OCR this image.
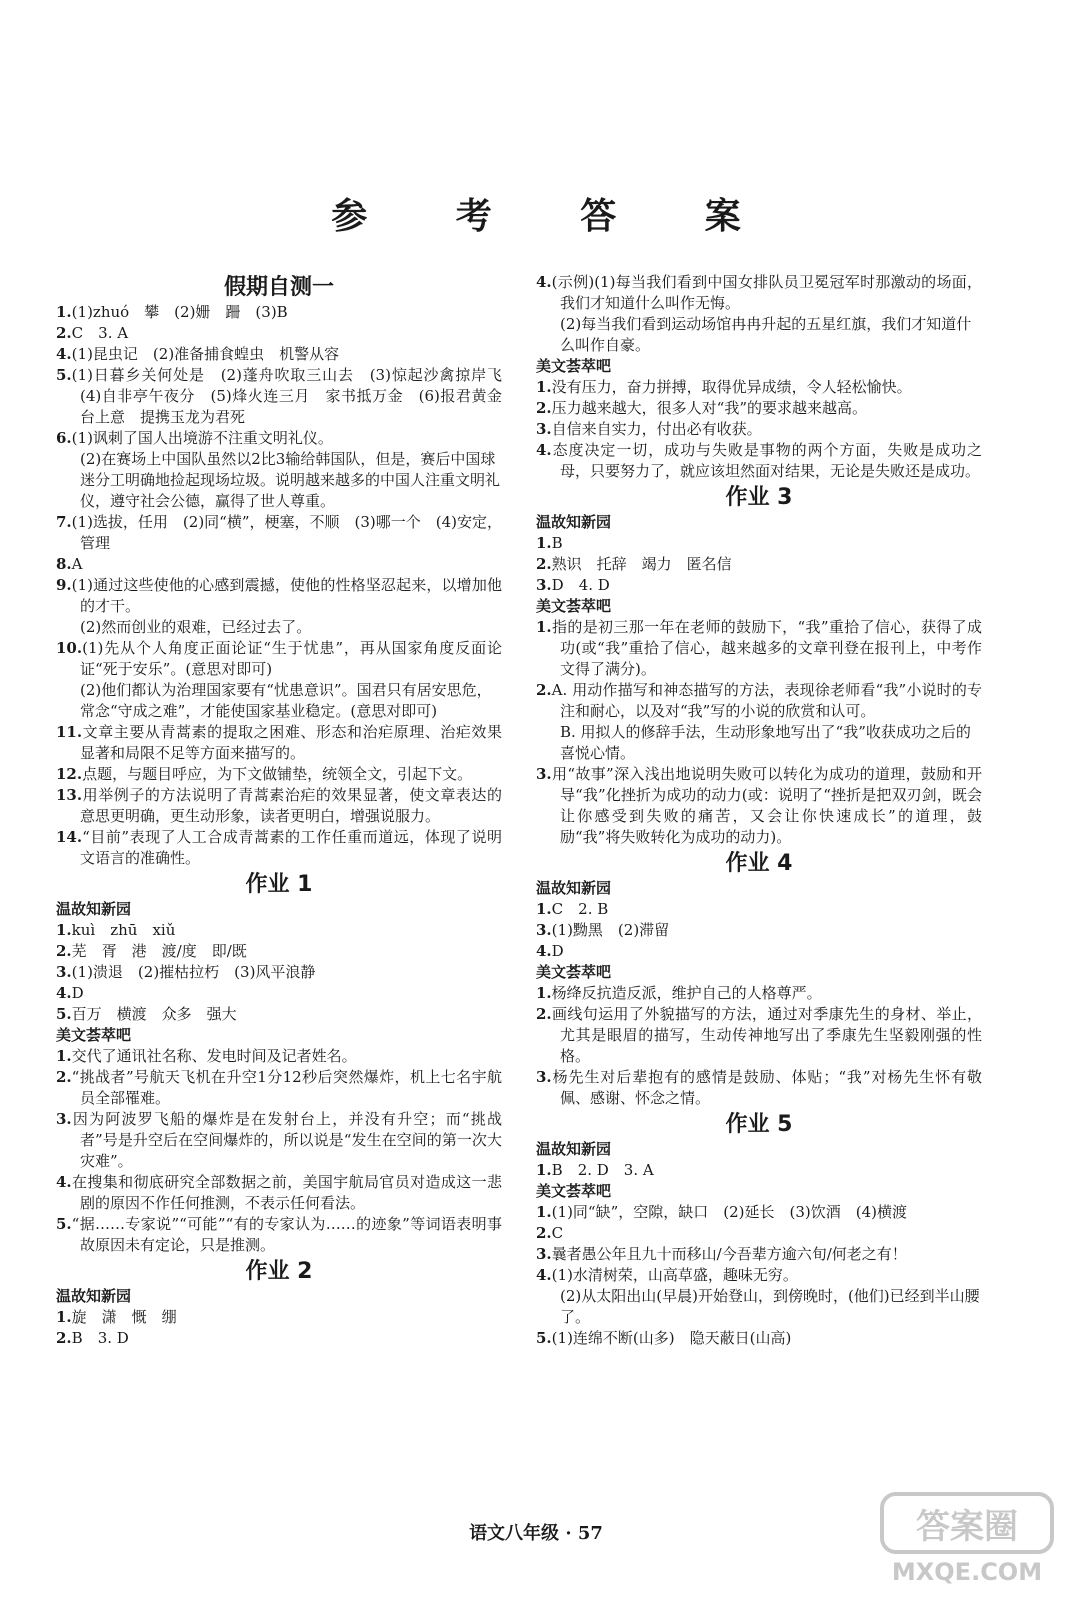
参 考 答 案
假期自测一
1.(1)zhuó　攀　(2)姗　跚　(3)B
2.C　3. A
4.(1)昆虫记　(2)准备捕食蝗虫　机警从容
5.(1)日暮乡关何处是　(2)蓬舟吹取三山去　(3)惊起沙禽掠岸飞　(4)自非亭午夜分　(5)烽火连三月　家书抵万金　(6)报君黄金台上意　提携玉龙为君死
6.(1)讽刺了国人出境游不注重文明礼仪。
(2)在赛场上中国队虽然以2比3输给韩国队，但是，赛后中国球迷分工明确地捡起现场垃圾。说明越来越多的中国人注重文明礼仪，遵守社会公德，赢得了世人尊重。
7.(1)选拔，任用　(2)同“横”，梗塞，不顺　(3)哪一个　(4)安定，管理
8.A
9.(1)通过这些使他的心感到震撼，使他的性格坚忍起来，以增加他的才干。
(2)然而创业的艰难，已经过去了。
10.(1)先从个人角度正面论证“生于忧患”，再从国家角度反面论证“死于安乐”。(意思对即可)
(2)他们都认为治理国家要有“忧患意识”。国君只有居安思危，常念“守成之难”，才能使国家基业稳定。(意思对即可)
11.文章主要从青蒿素的提取之困难、形态和治疟原理、治疟效果显著和局限不足等方面来描写的。
12.点题，与题目呼应，为下文做铺垫，统领全文，引起下文。
13.用举例子的方法说明了青蒿素治疟的效果显著，使文章表达的意思更明确，更生动形象，读者更明白，增强说服力。
14.“目前”表现了人工合成青蒿素的工作任重而道远，体现了说明文语言的准确性。
作业 1
温故知新园
1.kuì　zhū　xiǔ
2.芜　胥　港　渡/度　即/既
3.(1)溃退　(2)摧枯拉朽　(3)风平浪静
4.D
5.百万　横渡　众多　强大
美文荟萃吧
1.交代了通讯社名称、发电时间及记者姓名。
2.“挑战者”号航天飞机在升空1分12秒后突然爆炸，机上七名宇航员全部罹难。
3.因为阿波罗飞船的爆炸是在发射台上，并没有升空；而“挑战者”号是升空后在空间爆炸的，所以说是“发生在空间的第一次大灾难”。
4.在搜集和彻底研究全部数据之前，美国宇航局官员对造成这一悲剧的原因不作任何推测，不表示任何看法。
5.“据……专家说”“可能”“有的专家认为……的迹象”等词语表明事故原因未有定论，只是推测。
作业 2
温故知新园
1.旋　潇　慨　绷
2.B　3. D
4.(示例)(1)每当我们看到中国女排队员卫冕冠军时那激动的场面，我们才知道什么叫作无悔。
(2)每当我们看到运动场馆冉冉升起的五星红旗，我们才知道什么叫作自豪。
美文荟萃吧
1.没有压力，奋力拼搏，取得优异成绩，令人轻松愉快。
2.压力越来越大，很多人对“我”的要求越来越高。
3.自信来自实力，付出必有收获。
4.态度决定一切，成功与失败是事物的两个方面，失败是成功之母，只要努力了，就应该坦然面对结果，无论是失败还是成功。
作业 3
温故知新园
1.B
2.熟识　托辞　竭力　匿名信
3.D　4. D
美文荟萃吧
1.指的是初三那一年在老师的鼓励下，“我”重拾了信心，获得了成功(或“我”重拾了信心，越来越多的文章刊登在报刊上，中考作文得了满分)。
2.A. 用动作描写和神态描写的方法，表现徐老师看“我”小说时的专注和耐心，以及对“我”写的小说的欣赏和认可。
B. 用拟人的修辞手法，生动形象地写出了“我”收获成功之后的喜悦心情。
3.用“故事”深入浅出地说明失败可以转化为成功的道理，鼓励和开导“我”化挫折为成功的动力(或：说明了“挫折是把双刃剑，既会让你感受到失败的痛苦，又会让你快速成长”的道理，鼓励“我”将失败转化为成功的动力)。
作业 4
温故知新园
1.C　2. B
3.(1)黝黑　(2)滞留
4.D
美文荟萃吧
1.杨绛反抗造反派，维护自己的人格尊严。
2.画线句运用了外貌描写的方法，通过对季康先生的身材、举止，尤其是眼眉的描写，生动传神地写出了季康先生坚毅刚强的性格。
3.杨先生对后辈抱有的感情是鼓励、体贴；“我”对杨先生怀有敬佩、感谢、怀念之情。
作业 5
温故知新园
1.B　2. D　3. A
美文荟萃吧
1.(1)同“缺”，空隙，缺口　(2)延长　(3)饮酒　(4)横渡
2.C
3.曩者愚公年且九十而移山/今吾辈方逾六旬/何老之有！
4.(1)水清树荣，山高草盛，趣味无穷。
(2)从太阳出山(早晨)开始登山，到傍晚时，(他们)已经到半山腰了。
5.(1)连绵不断(山多)　隐天蔽日(山高)
语文八年级 · 57	答案圈
MXQE.COM
